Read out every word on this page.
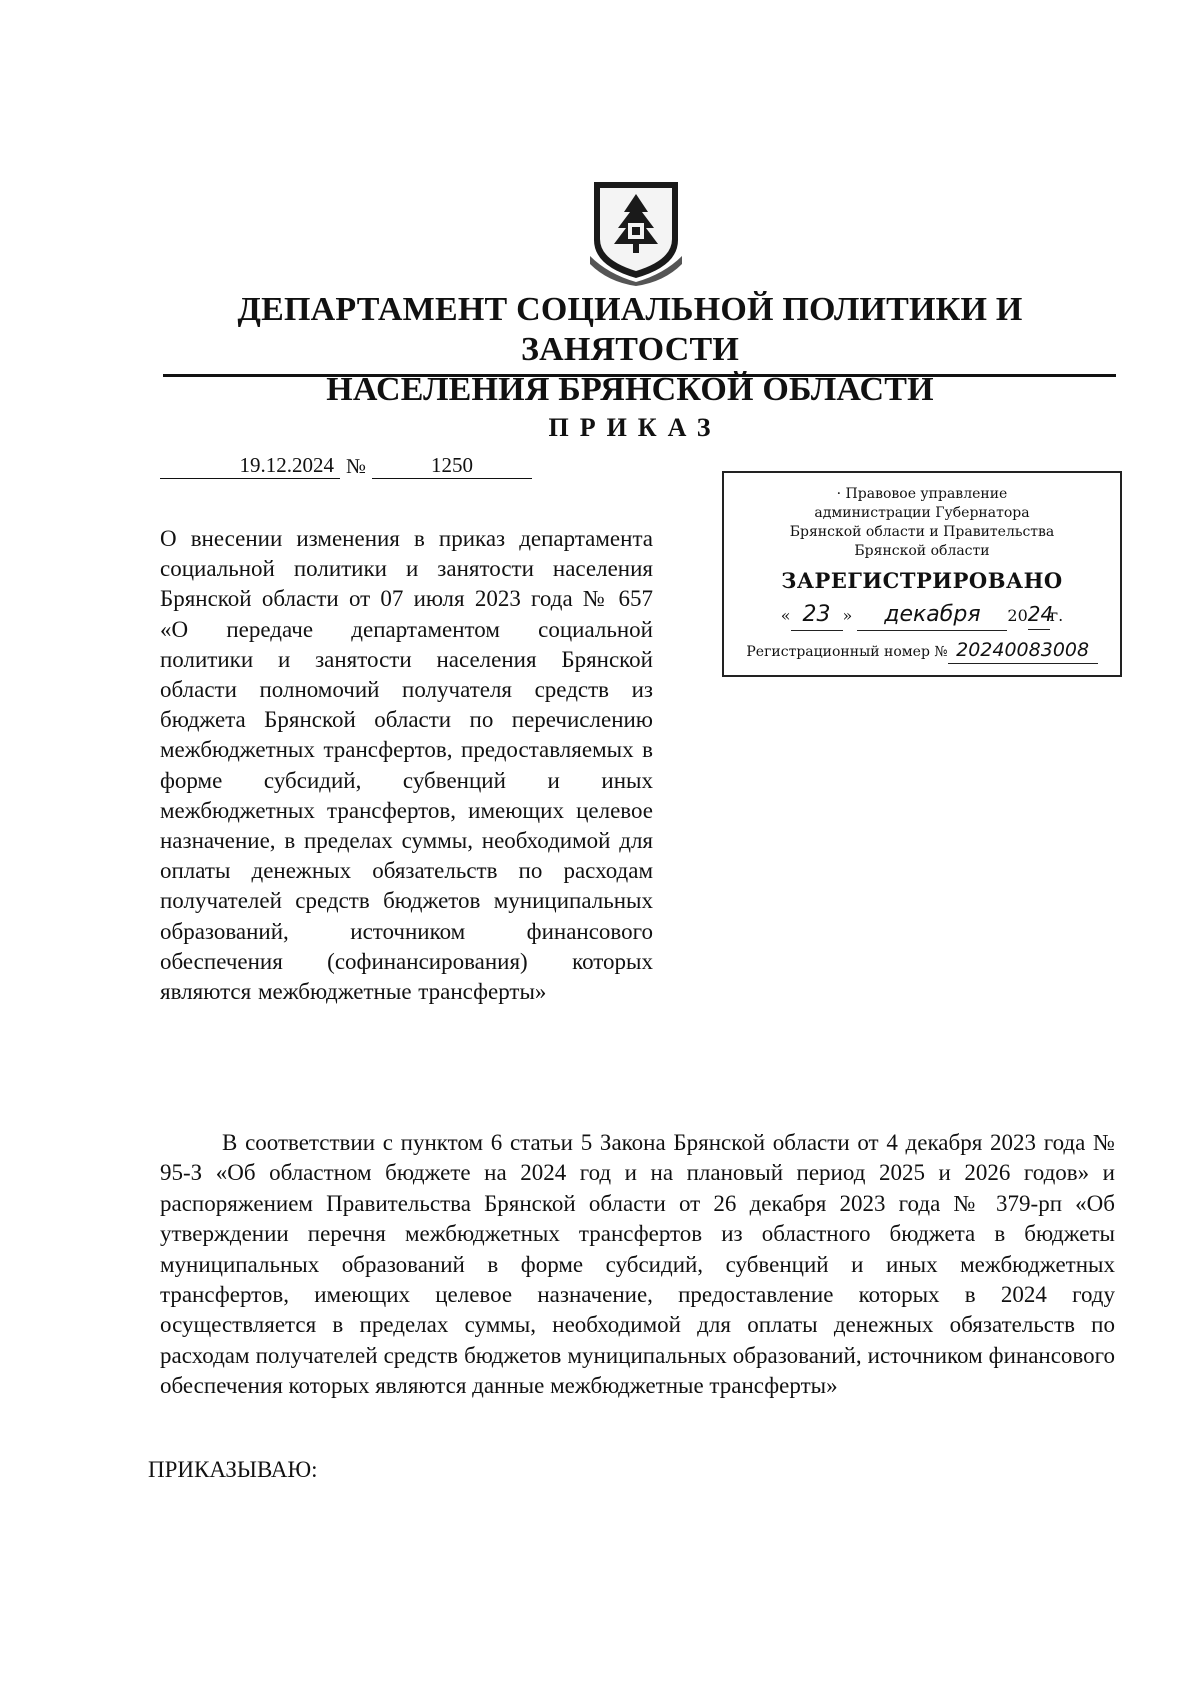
ДЕПАРТАМЕНТ СОЦИАЛЬНОЙ ПОЛИТИКИ И ЗАНЯТОСТИ
НАСЕЛЕНИЯ БРЯНСКОЙ ОБЛАСТИ
ПРИКАЗ
19.12.2024 №	1250
· Правовое управление
администрации Губернатора
Брянской области и Правительства
Брянской области
ЗАРЕГИСТРИРОВАНО
« 23 » декабря 2024г.
Регистрационный номер № 20240083008

О внесении изменения в приказ департамента социальной политики и занятости населения Брянской области от 07 июля 2023 года № 657 «О передаче департаментом социальной политики и занятости населения Брянской области полномочий получателя средств из бюджета Брянской области по перечислению межбюджетных трансфертов, предоставляемых в форме субсидий, субвенций и иных межбюджетных трансфертов, имеющих целевое назначение, в пределах суммы, необходимой для оплаты денежных обязательств по расходам получателей средств бюджетов муниципальных образований, источником финансового обеспечения (софинансирования) которых являются межбюджетные трансферты»

В соответствии с пунктом 6 статьи 5 Закона Брянской области от 4 декабря 2023 года № 95-З «Об областном бюджете на 2024 год и на плановый период 2025 и 2026 годов» и распоряжением Правительства Брянской области от 26 декабря 2023 года № 379-рп «Об утверждении перечня межбюджетных трансфертов из областного бюджета в бюджеты муниципальных образований в форме субсидий, субвенций и иных межбюджетных трансфертов, имеющих целевое назначение, предоставление которых в 2024 году осуществляется в пределах суммы, необходимой для оплаты денежных обязательств по расходам получателей средств бюджетов муниципальных образований, источником финансового обеспечения которых являются данные межбюджетные трансферты»

ПРИКАЗЫВАЮ:
